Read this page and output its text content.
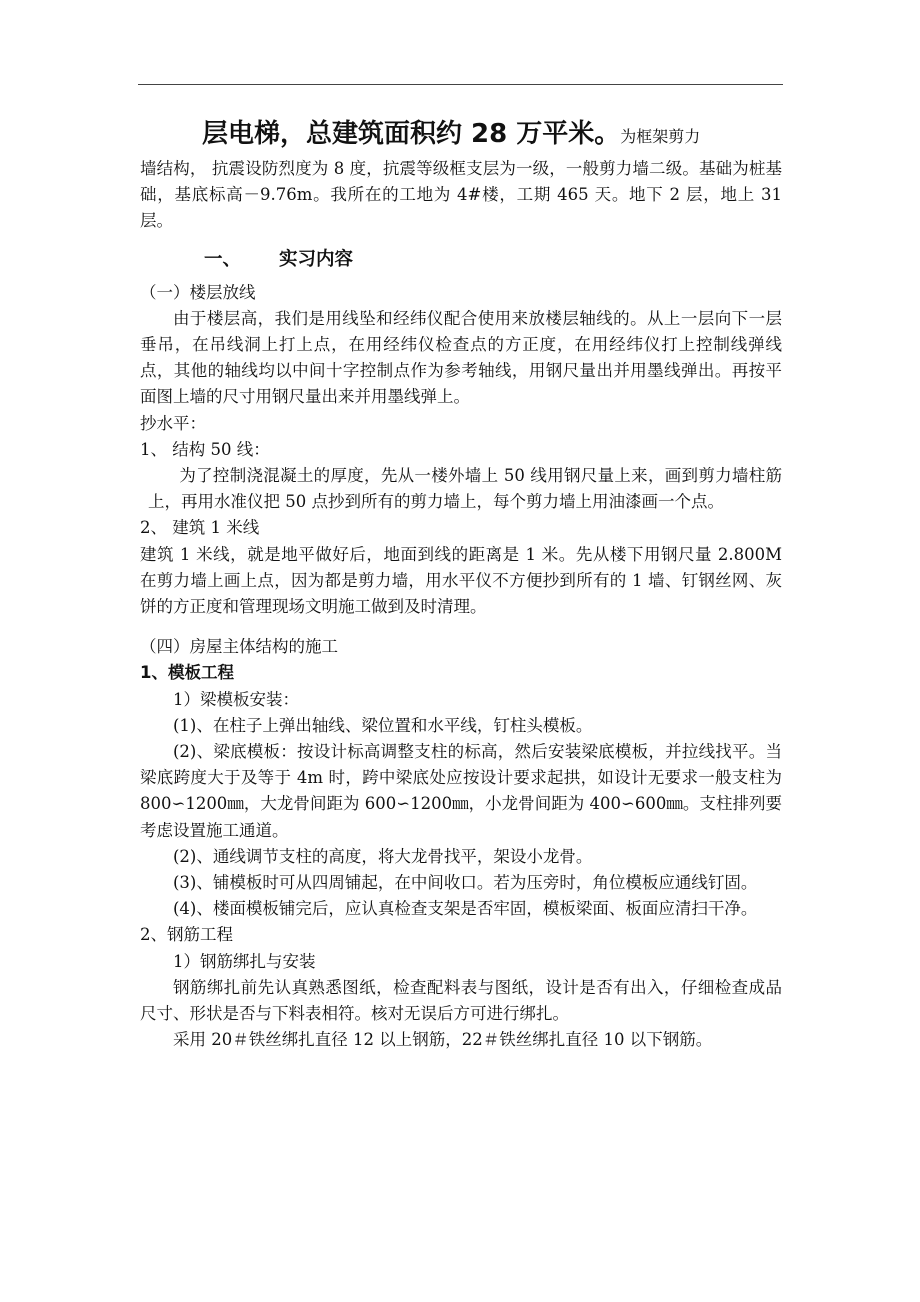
层电梯，总建筑面积约 28 万平米。为框架剪力

墙结构， 抗震设防烈度为 8 度，抗震等级框支层为一级，一般剪力墙二级。基础为桩基础，基底标高－9.76m。我所在的工地为 4#楼，工期 465 天。地下 2 层，地上 31 层。

一、 实习内容

（一）楼层放线

由于楼层高，我们是用线坠和经纬仪配合使用来放楼层轴线的。从上一层向下一层垂吊，在吊线洞上打上点，在用经纬仪检查点的方正度，在用经纬仪打上控制线弹线点，其他的轴线均以中间十字控制点作为参考轴线，用钢尺量出并用墨线弹出。再按平面图上墙的尺寸用钢尺量出来并用墨线弹上。

抄水平：

1、 结构 50 线：

为了控制浇混凝土的厚度，先从一楼外墙上 50 线用钢尺量上来，画到剪力墙柱筋上，再用水准仪把 50 点抄到所有的剪力墙上，每个剪力墙上用油漆画一个点。

2、 建筑 1 米线

建筑 1 米线，就是地平做好后，地面到线的距离是 1 米。先从楼下用钢尺量 2.800M 在剪力墙上画上点，因为都是剪力墙，用水平仪不方便抄到所有的 1 墙、钉钢丝网、灰饼的方正度和管理现场文明施工做到及时清理。

（四）房屋主体结构的施工

1、模板工程

1）梁模板安装：

(1)、在柱子上弹出轴线、梁位置和水平线，钉柱头模板。

(2)、梁底模板：按设计标高调整支柱的标高，然后安装梁底模板，并拉线找平。当梁底跨度大于及等于 4m 时，跨中梁底处应按设计要求起拱，如设计无要求一般支柱为 800∽1200㎜，大龙骨间距为 600∽1200㎜，小龙骨间距为 400∽600㎜。支柱排列要考虑设置施工通道。

(2)、通线调节支柱的高度，将大龙骨找平，架设小龙骨。

(3)、铺模板时可从四周铺起，在中间收口。若为压旁时，角位模板应通线钉固。

(4)、楼面模板铺完后，应认真检查支架是否牢固，模板梁面、板面应清扫干净。

2、钢筋工程

1）钢筋绑扎与安装

钢筋绑扎前先认真熟悉图纸，检查配料表与图纸，设计是否有出入，仔细检查成品尺寸、形状是否与下料表相符。核对无误后方可进行绑扎。

采用 20＃铁丝绑扎直径 12 以上钢筋，22＃铁丝绑扎直径 10 以下钢筋。
